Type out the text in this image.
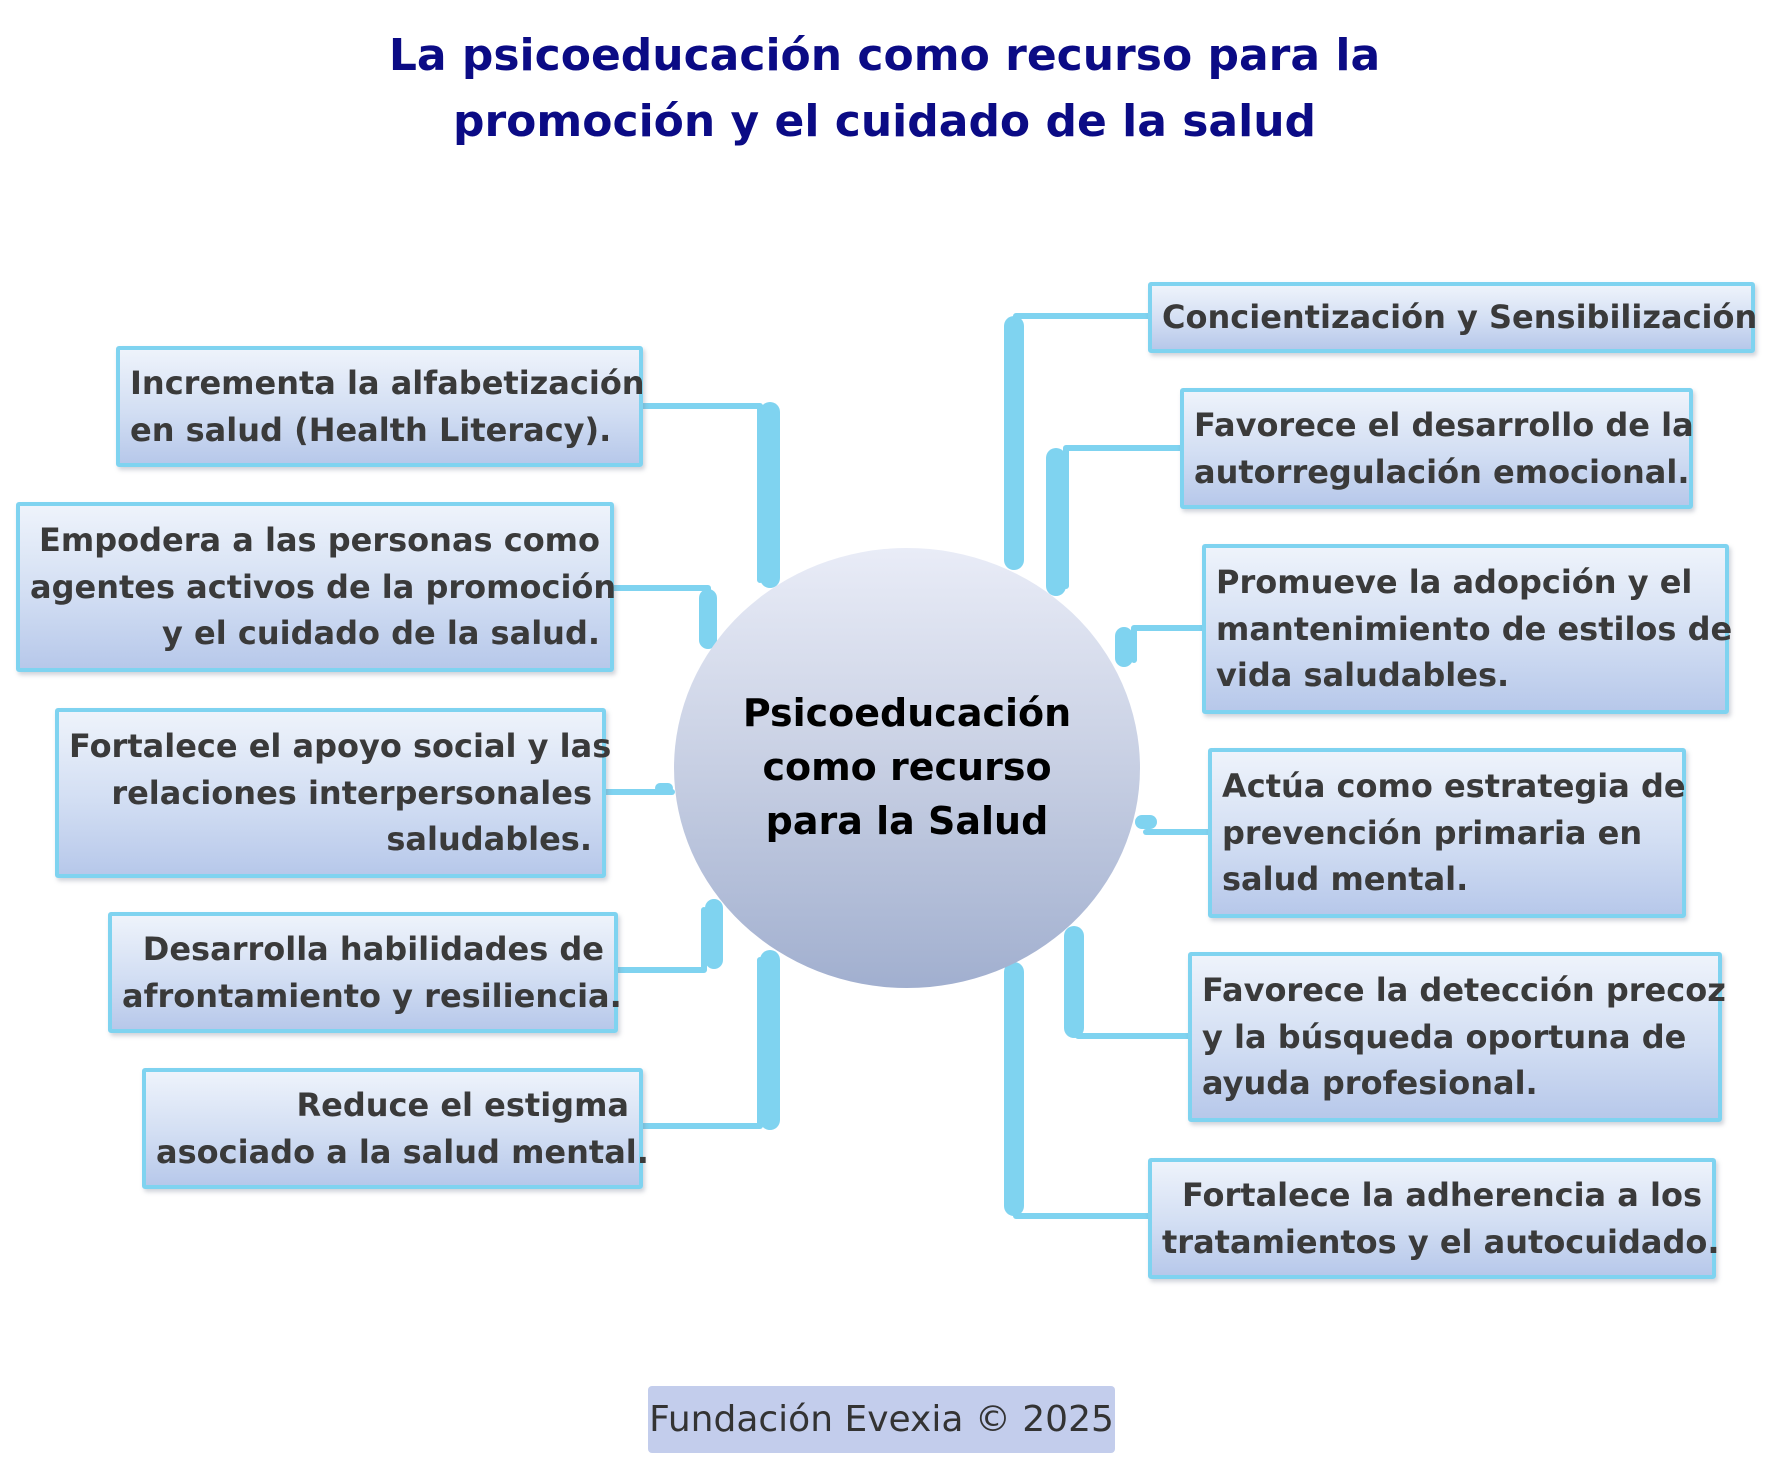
La psicoeducación como recurso para la
promoción y el cuidado de la salud
Psicoeducación
como recurso
para la Salud
Incrementa la alfabetización
en salud (Health Literacy).
Empodera a las personas como
agentes activos de la promoción
y el cuidado de la salud.
Fortalece el apoyo social y las
relaciones interpersonales
saludables.
Desarrolla habilidades de
afrontamiento y resiliencia.
Reduce el estigma
asociado a la salud mental.
Concientización y Sensibilización
Favorece el desarrollo de la
autorregulación emocional.
Promueve la adopción y el
mantenimiento de estilos de
vida saludables.
Actúa como estrategia de
prevención primaria en
salud mental.
Favorece la detección precoz
y la búsqueda oportuna de
ayuda profesional.
Fortalece la adherencia a los
tratamientos y el autocuidado.
Fundación Evexia © 2025
